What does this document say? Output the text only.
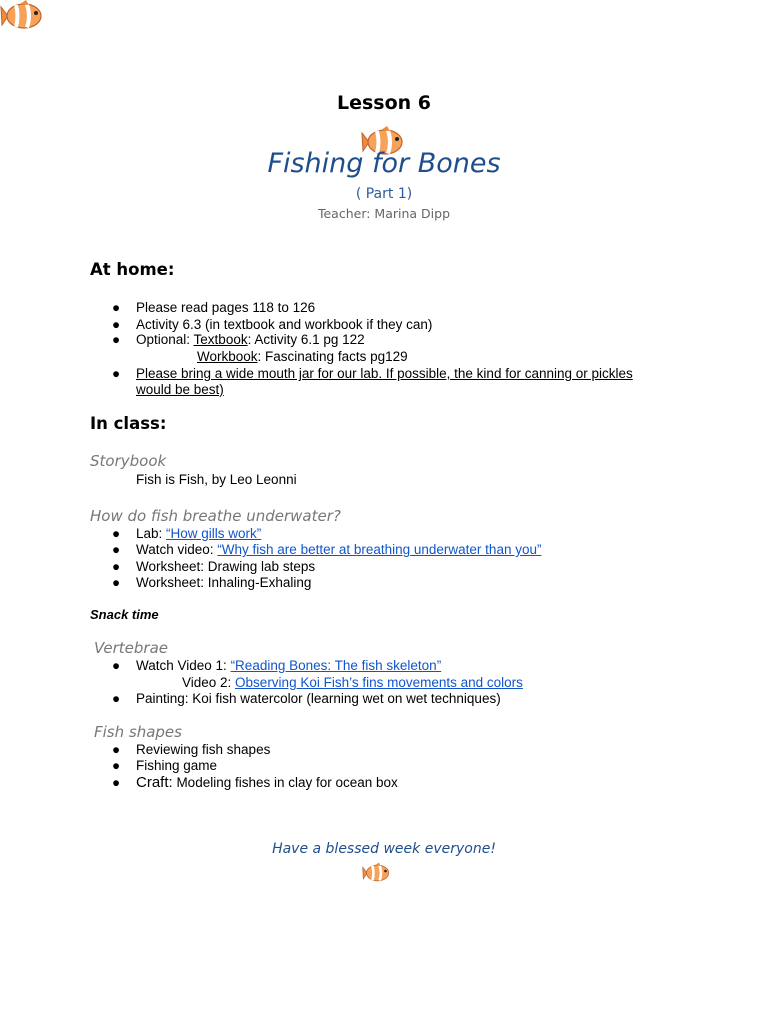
Lesson 6
Fishing for Bones
( Part 1)
Teacher: Marina Dipp
At home:
● Please read pages 118 to 126
● Activity 6.3 (in textbook and workbook if they can)
● Optional: Textbook: Activity 6.1 pg 122
Workbook: Fascinating facts pg129
● Please bring a wide mouth jar for our lab. If possible, the kind for canning or pickles
would be best)
In class:
Storybook
Fish is Fish, by Leo Leonni
How do fish breathe underwater?
● Lab: “How gills work”
● Watch video: “Why fish are better at breathing underwater than you”
● Worksheet: Drawing lab steps
● Worksheet: Inhaling-Exhaling
Snack time
Vertebrae
● Watch Video 1: “Reading Bones: The fish skeleton”
Video 2: Observing Koi Fish’s fins movements and colors
● Painting: Koi fish watercolor (learning wet on wet techniques)
Fish shapes
● Reviewing fish shapes
● Fishing game
● Craft: Modeling fishes in clay for ocean box
Have a blessed week everyone!
